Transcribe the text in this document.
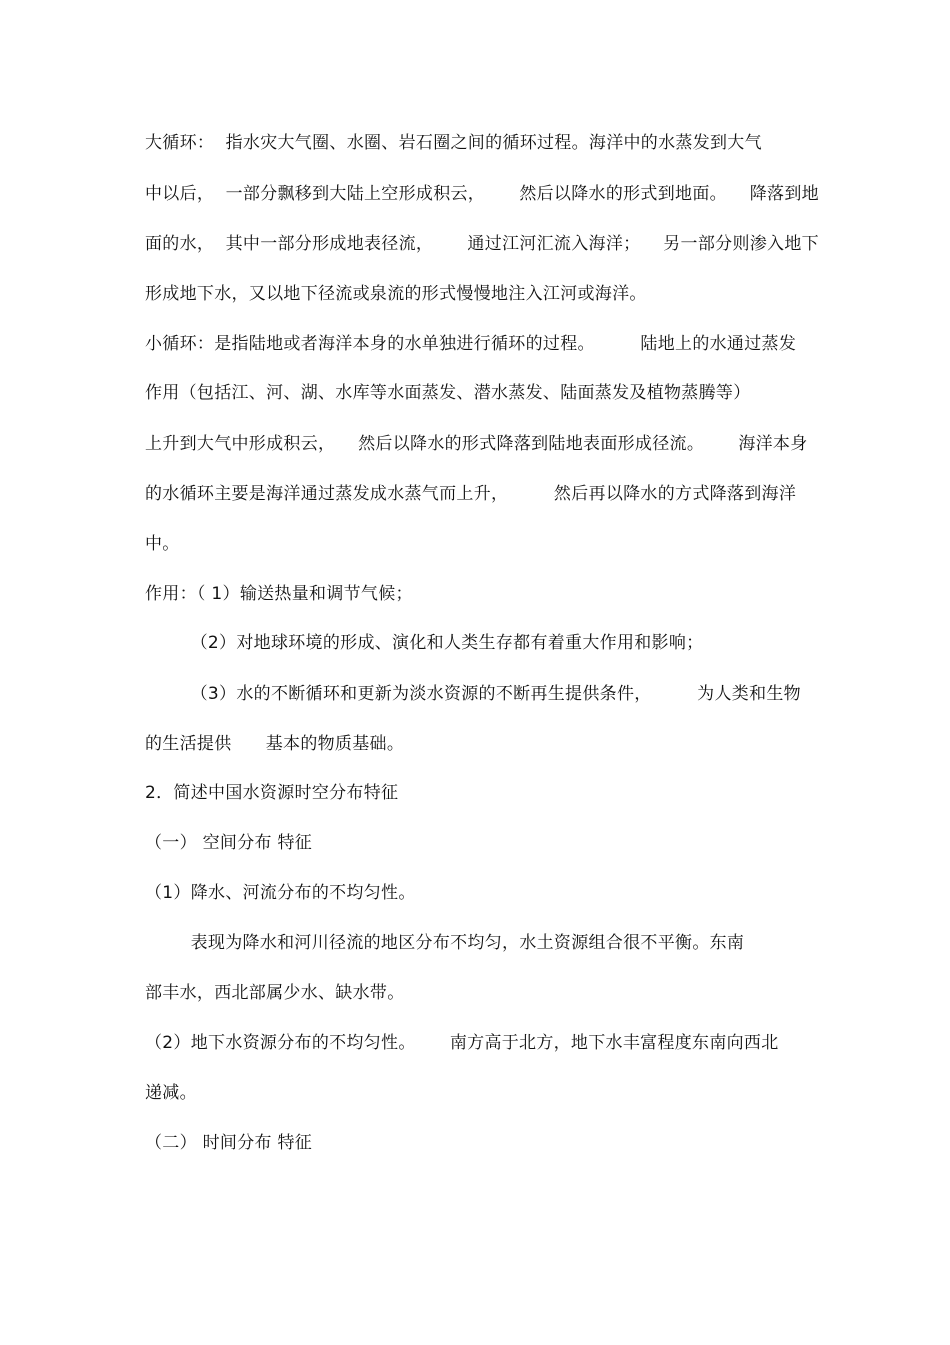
大循环：  指水灾大气圈、水圈、岩石圈之间的循环过程。海洋中的水蒸发到大气
中以后，  一部分飘移到大陆上空形成积云，      然后以降水的形式到地面。    降落到地
面的水，  其中一部分形成地表径流，      通过江河汇流入海洋；    另一部分则渗入地下
形成地下水，又以地下径流或泉流的形式慢慢地注入江河或海洋。
小循环：是指陆地或者海洋本身的水单独进行循环的过程。        陆地上的水通过蒸发
作用（包括江、河、湖、水库等水面蒸发、潜水蒸发、陆面蒸发及植物蒸腾等）
上升到大气中形成积云，    然后以降水的形式降落到陆地表面形成径流。      海洋本身
的水循环主要是海洋通过蒸发成水蒸气而上升，        然后再以降水的方式降落到海洋
中。
作用：（ 1）输送热量和调节气候；
（2）对地球环境的形成、演化和人类生存都有着重大作用和影响；
（3）水的不断循环和更新为淡水资源的不断再生提供条件，        为人类和生物
的生活提供      基本的物质基础。
2．简述中国水资源时空分布特征
（一） 空间分布 特征
（1）降水、河流分布的不均匀性。
表现为降水和河川径流的地区分布不均匀，水土资源组合很不平衡。东南
部丰水，西北部属少水、缺水带。
（2）地下水资源分布的不均匀性。      南方高于北方，地下水丰富程度东南向西北
递减。
（二） 时间分布 特征
